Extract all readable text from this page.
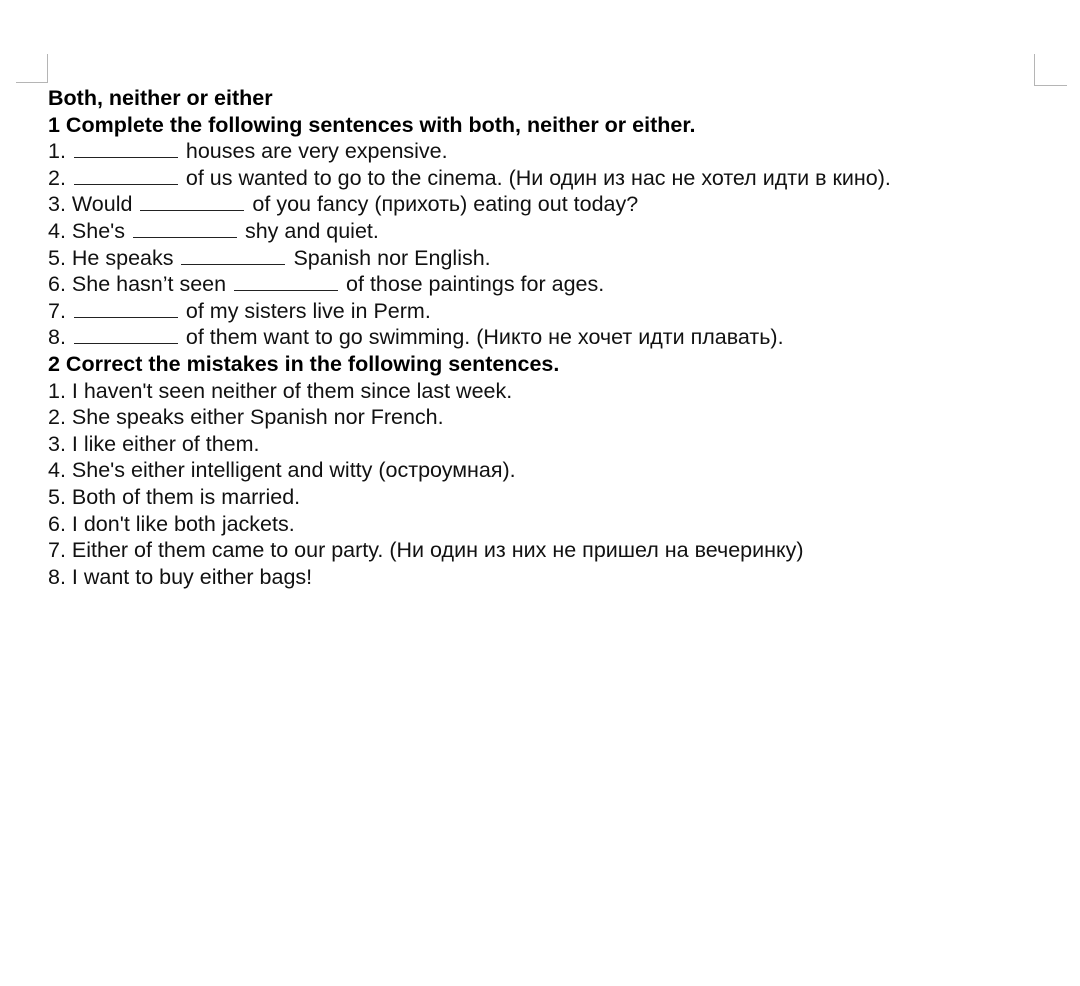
Both, neither or either
1 Complete the following sentences with both, neither or either.
1.	houses are very expensive.
2.	of us wanted to go to the cinema. (Ни один из нас не хотел идти в кино).
3. Would	of you fancy (прихоть) eating out today?
4. She's	shy and quiet.
5. He speaks	Spanish nor English.
6. She hasn’t seen	of those paintings for ages.
7.	of my sisters live in Perm.
8.	of them want to go swimming. (Никто не хочет идти плавать).
2 Correct the mistakes in the following sentences.
1. I haven't seen neither of them since last week.
2. She speaks either Spanish nor French.
3. I like either of them.
4. She's either intelligent and witty (остроумная).
5. Both of them is married.
6. I don't like both jackets.
7. Either of them came to our party. (Ни один из них не пришел на вечеринку)
8. I want to buy either bags!
